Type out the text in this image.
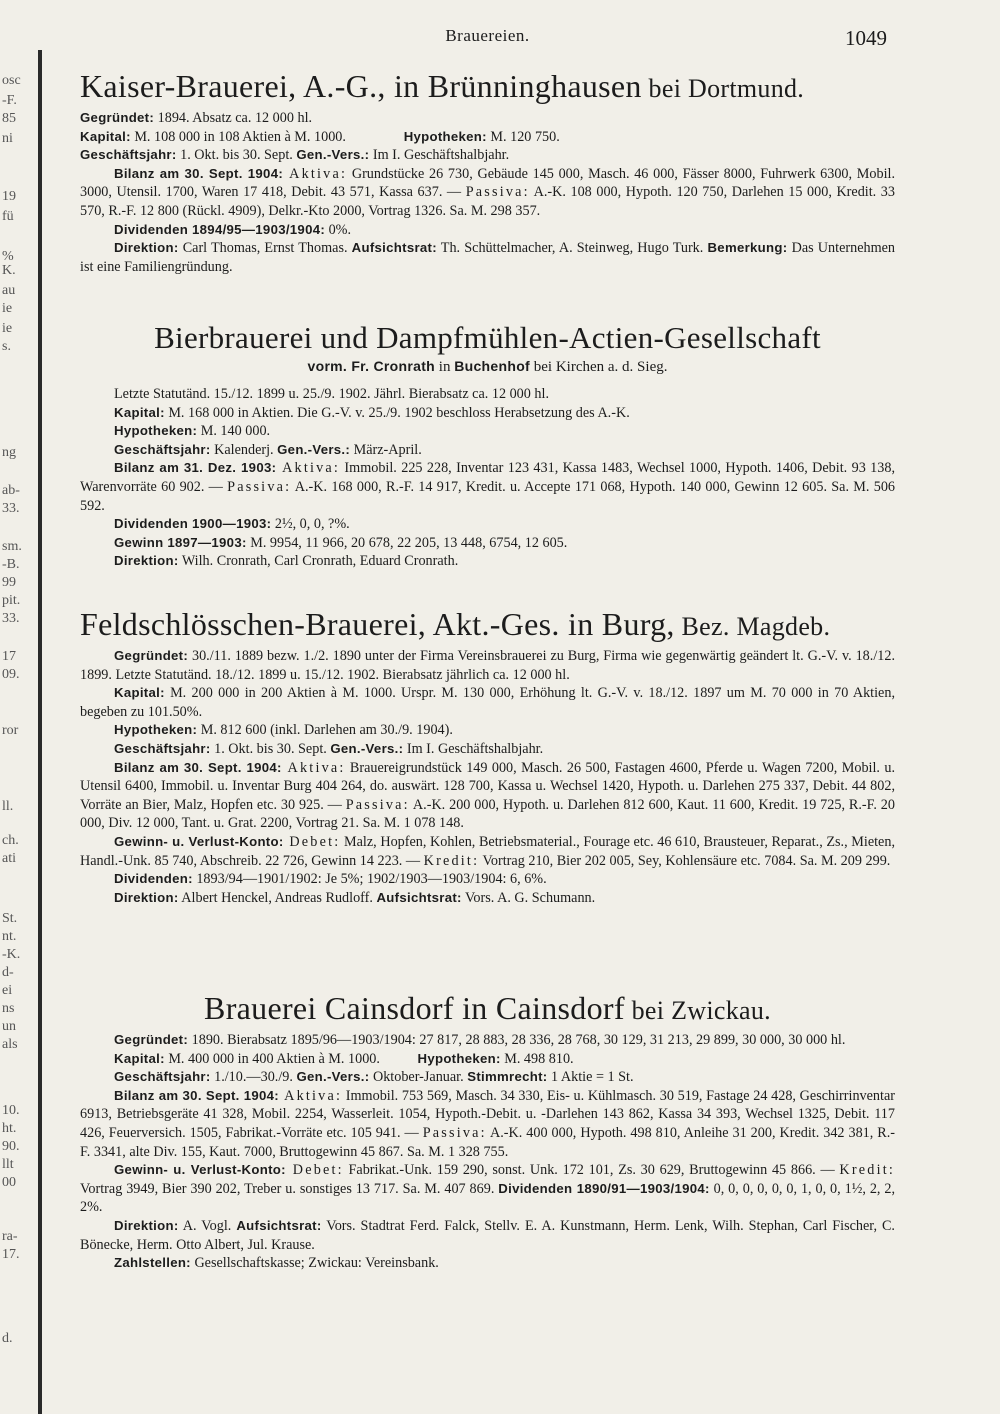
osc
-F.
85
ni
19
fü
%
K.
au
ie
ie
s.
ng
ab-
33.
sm.
-B.
99
pit.
33.
17
09.
ror
ll.
ch.
ati
St.
nt.
-K.
d-
ei
ns
un
als
10.
ht.
90.
llt
00
ra-
17.
d.
Brauereien.	1049
Kaiser-Brauerei, A.-G., in Brünninghausen bei Dortmund.

Gegründet: 1894. Absatz ca. 12 000 hl.

Kapital: M. 108 000 in 108 Aktien à M. 1000.	Hypotheken: M. 120 750.

Geschäftsjahr: 1. Okt. bis 30. Sept. Gen.-Vers.: Im I. Geschäftshalbjahr.

Bilanz am 30. Sept. 1904: Aktiva: Grundstücke 26 730, Gebäude 145 000, Masch. 46 000, Fässer 8000, Fuhrwerk 6300, Mobil. 3000, Utensil. 1700, Waren 17 418, Debit. 43 571, Kassa 637. — Passiva: A.-K. 108 000, Hypoth. 120 750, Darlehen 15 000, Kredit. 33 570, R.-F. 12 800 (Rückl. 4909), Delkr.-Kto 2000, Vortrag 1326. Sa. M. 298 357.

Dividenden 1894/95—1903/1904: 0%.

Direktion: Carl Thomas, Ernst Thomas. Aufsichtsrat: Th. Schüttelmacher, A. Steinweg, Hugo Turk. Bemerkung: Das Unternehmen ist eine Familiengründung.

Bierbrauerei und Dampfmühlen-Actien-Gesellschaft
vorm. Fr. Cronrath in Buchenhof bei Kirchen a. d. Sieg.

Letzte Statutänd. 15./12. 1899 u. 25./9. 1902. Jährl. Bierabsatz ca. 12 000 hl.

Kapital: M. 168 000 in Aktien. Die G.-V. v. 25./9. 1902 beschloss Herabsetzung des A.-K.

Hypotheken: M. 140 000.

Geschäftsjahr: Kalenderj. Gen.-Vers.: März-April.

Bilanz am 31. Dez. 1903: Aktiva: Immobil. 225 228, Inventar 123 431, Kassa 1483, Wechsel 1000, Hypoth. 1406, Debit. 93 138, Warenvorräte 60 902. — Passiva: A.-K. 168 000, R.-F. 14 917, Kredit. u. Accepte 171 068, Hypoth. 140 000, Gewinn 12 605. Sa. M. 506 592.

Dividenden 1900—1903: 2½, 0, 0, ?%.

Gewinn 1897—1903: M. 9954, 11 966, 20 678, 22 205, 13 448, 6754, 12 605.

Direktion: Wilh. Cronrath, Carl Cronrath, Eduard Cronrath.

Feldschlösschen-Brauerei, Akt.-Ges. in Burg, Bez. Magdeb.

Gegründet: 30./11. 1889 bezw. 1./2. 1890 unter der Firma Vereinsbrauerei zu Burg, Firma wie gegenwärtig geändert lt. G.-V. v. 18./12. 1899. Letzte Statutänd. 18./12. 1899 u. 15./12. 1902. Bierabsatz jährlich ca. 12 000 hl.

Kapital: M. 200 000 in 200 Aktien à M. 1000. Urspr. M. 130 000, Erhöhung lt. G.-V. v. 18./12. 1897 um M. 70 000 in 70 Aktien, begeben zu 101.50%.

Hypotheken: M. 812 600 (inkl. Darlehen am 30./9. 1904).

Geschäftsjahr: 1. Okt. bis 30. Sept. Gen.-Vers.: Im I. Geschäftshalbjahr.

Bilanz am 30. Sept. 1904: Aktiva: Brauereigrundstück 149 000, Masch. 26 500, Fastagen 4600, Pferde u. Wagen 7200, Mobil. u. Utensil 6400, Immobil. u. Inventar Burg 404 264, do. auswärt. 128 700, Kassa u. Wechsel 1420, Hypoth. u. Darlehen 275 337, Debit. 44 802, Vorräte an Bier, Malz, Hopfen etc. 30 925. — Passiva: A.-K. 200 000, Hypoth. u. Darlehen 812 600, Kaut. 11 600, Kredit. 19 725, R.-F. 20 000, Div. 12 000, Tant. u. Grat. 2200, Vortrag 21. Sa. M. 1 078 148.

Gewinn- u. Verlust-Konto: Debet: Malz, Hopfen, Kohlen, Betriebsmaterial., Fourage etc. 46 610, Brausteuer, Reparat., Zs., Mieten, Handl.-Unk. 85 740, Abschreib. 22 726, Gewinn 14 223. — Kredit: Vortrag 210, Bier 202 005, Sey, Kohlensäure etc. 7084. Sa. M. 209 299.

Dividenden: 1893/94—1901/1902: Je 5%; 1902/1903—1903/1904: 6, 6%.

Direktion: Albert Henckel, Andreas Rudloff. Aufsichtsrat: Vors. A. G. Schumann.

Brauerei Cainsdorf in Cainsdorf bei Zwickau.

Gegründet: 1890. Bierabsatz 1895/96—1903/1904: 27 817, 28 883, 28 336, 28 768, 30 129, 31 213, 29 899, 30 000, 30 000 hl.

Kapital: M. 400 000 in 400 Aktien à M. 1000.	Hypotheken: M. 498 810.

Geschäftsjahr: 1./10.—30./9. Gen.-Vers.: Oktober-Januar. Stimmrecht: 1 Aktie = 1 St.

Bilanz am 30. Sept. 1904: Aktiva: Immobil. 753 569, Masch. 34 330, Eis- u. Kühlmasch. 30 519, Fastage 24 428, Geschirrinventar 6913, Betriebsgeräte 41 328, Mobil. 2254, Wasserleit. 1054, Hypoth.-Debit. u. -Darlehen 143 862, Kassa 34 393, Wechsel 1325, Debit. 117 426, Feuerversich. 1505, Fabrikat.-Vorräte etc. 105 941. — Passiva: A.-K. 400 000, Hypoth. 498 810, Anleihe 31 200, Kredit. 342 381, R.-F. 3341, alte Div. 155, Kaut. 7000, Bruttogewinn 45 867. Sa. M. 1 328 755.

Gewinn- u. Verlust-Konto: Debet: Fabrikat.-Unk. 159 290, sonst. Unk. 172 101, Zs. 30 629, Bruttogewinn 45 866. — Kredit: Vortrag 3949, Bier 390 202, Treber u. sonstiges 13 717. Sa. M. 407 869. Dividenden 1890/91—1903/1904: 0, 0, 0, 0, 0, 0, 1, 0, 0, 1½, 2, 2, 2%.

Direktion: A. Vogl. Aufsichtsrat: Vors. Stadtrat Ferd. Falck, Stellv. E. A. Kunstmann, Herm. Lenk, Wilh. Stephan, Carl Fischer, C. Bönecke, Herm. Otto Albert, Jul. Krause.

Zahlstellen: Gesellschaftskasse; Zwickau: Vereinsbank.
